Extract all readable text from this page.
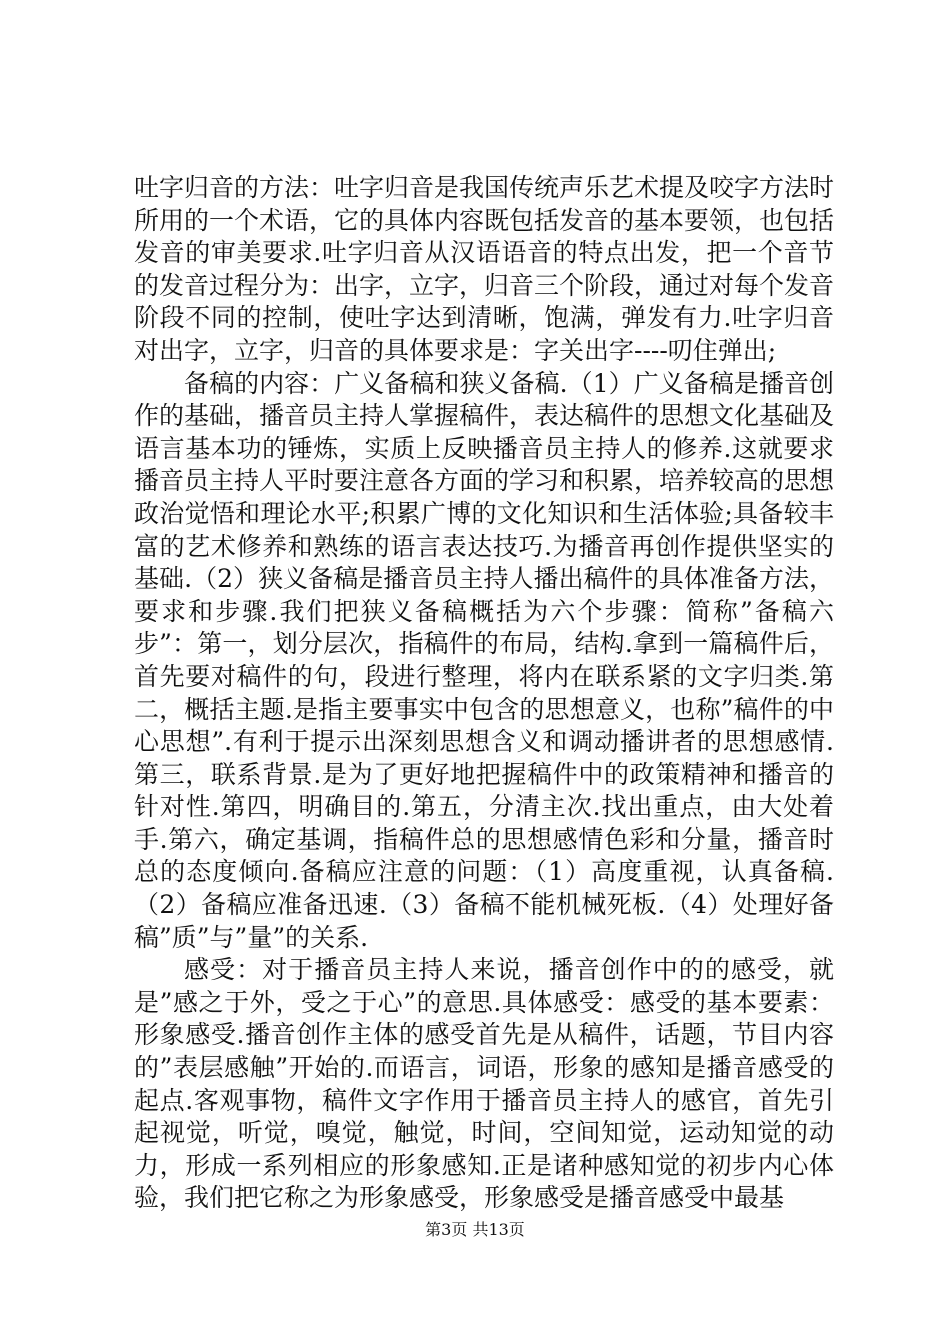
吐字归音的方法：吐字归音是我国传统声乐艺术提及咬字方法时所用的一个术语，它的具体内容既包括发音的基本要领，也包括发音的审美要求.吐字归音从汉语语音的特点出发，把一个音节的发音过程分为：出字，立字，归音三个阶段，通过对每个发音阶段不同的控制，使吐字达到清晰，饱满，弹发有力.吐字归音对出字，立字，归音的具体要求是：字关出字----叨住弹出;

备稿的内容：广义备稿和狭义备稿.（1）广义备稿是播音创作的基础，播音员主持人掌握稿件，表达稿件的思想文化基础及语言基本功的锤炼，实质上反映播音员主持人的修养.这就要求播音员主持人平时要注意各方面的学习和积累，培养较高的思想政治觉悟和理论水平;积累广博的文化知识和生活体验;具备较丰富的艺术修养和熟练的语言表达技巧.为播音再创作提供坚实的基础.（2）狭义备稿是播音员主持人播出稿件的具体准备方法，要求和步骤.我们把狭义备稿概括为六个步骤：简称”备稿六步”：第一，划分层次，指稿件的布局，结构.拿到一篇稿件后，首先要对稿件的句，段进行整理，将内在联系紧的文字归类.第二，概括主题.是指主要事实中包含的思想意义，也称”稿件的中心思想”.有利于提示出深刻思想含义和调动播讲者的思想感情.第三，联系背景.是为了更好地把握稿件中的政策精神和播音的针对性.第四，明确目的.第五，分清主次.找出重点，由大处着手.第六，确定基调，指稿件总的思想感情色彩和分量，播音时总的态度倾向.备稿应注意的问题：（1）高度重视，认真备稿.（2）备稿应准备迅速.（3）备稿不能机械死板.（4）处理好备稿”质”与”量”的关系.

感受：对于播音员主持人来说，播音创作中的的感受，就是”感之于外，受之于心”的意思.具体感受：感受的基本要素：形象感受.播音创作主体的感受首先是从稿件，话题，节目内容的”表层感触”开始的.而语言，词语，形象的感知是播音感受的起点.客观事物，稿件文字作用于播音员主持人的感官，首先引起视觉，听觉，嗅觉，触觉，时间，空间知觉，运动知觉的动力，形成一系列相应的形象感知.正是诸种感知觉的初步内心体验，我们把它称之为形象感受，形象感受是播音感受中最基

第3页 共13页
